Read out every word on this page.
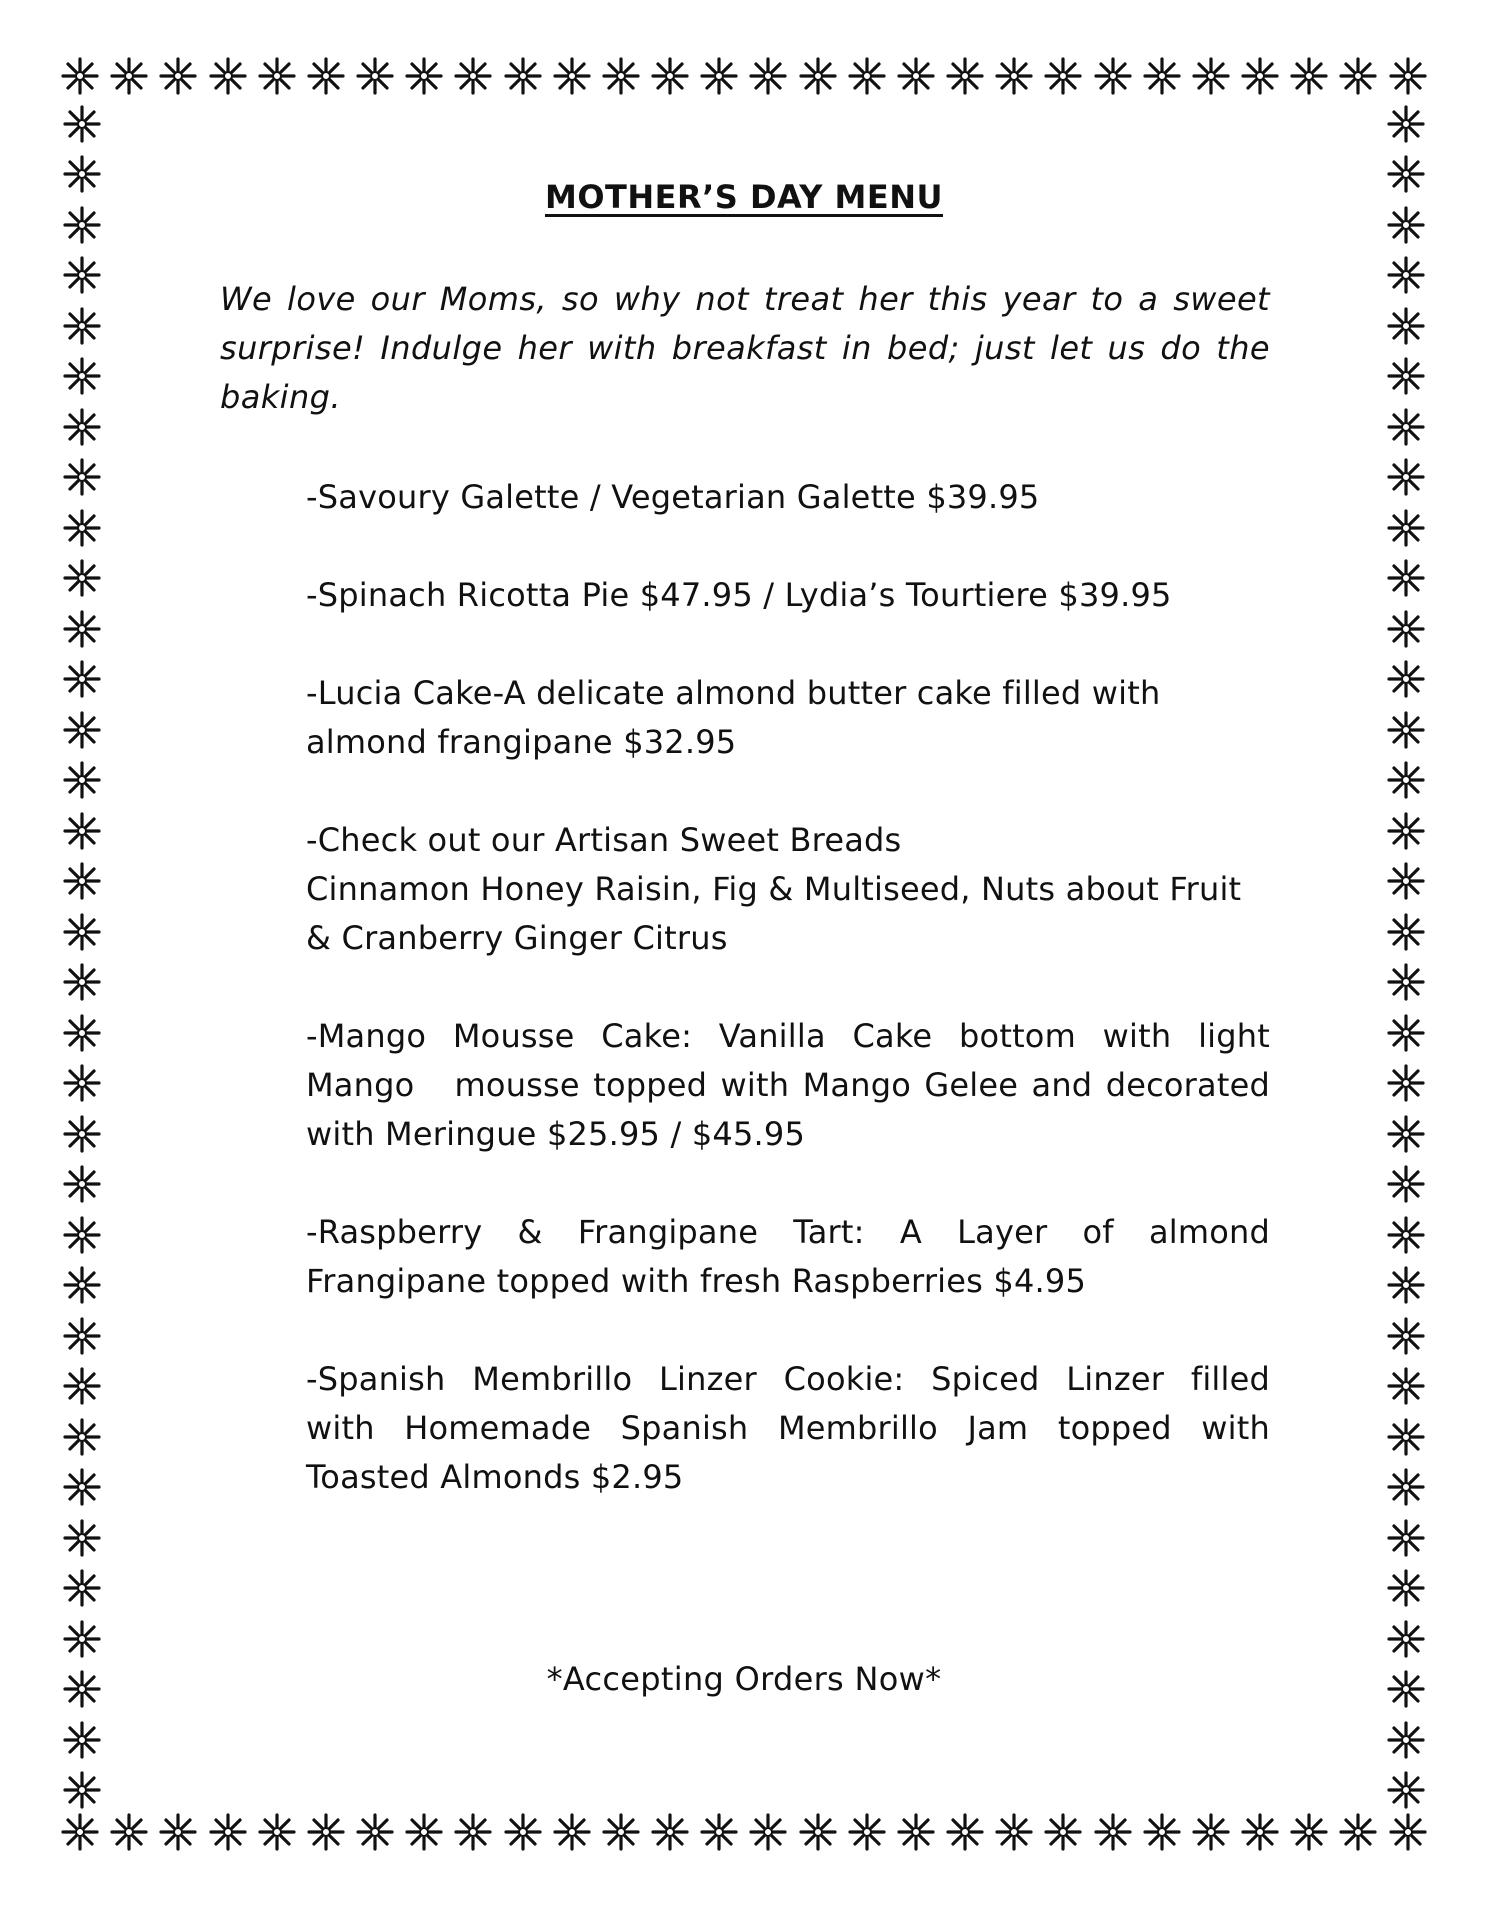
MOTHER’S DAY MENU

We love our Moms, so why not treat her this year to a sweet surprise! Indulge her with breakfast in bed; just let us do the baking.

-Savoury Galette / Vegetarian Galette $39.95
-Spinach Ricotta Pie $47.95 / Lydia’s Tourtiere $39.95
-Lucia Cake-A delicate almond butter cake filled with
almond frangipane $32.95
-Check out our Artisan Sweet Breads
Cinnamon Honey Raisin, Fig & Multiseed, Nuts about Fruit
& Cranberry Ginger Citrus
-Mango Mousse Cake: Vanilla Cake bottom with light
Mango   mousse topped with Mango Gelee and decorated
with Meringue $25.95 / $45.95
-Raspberry & Frangipane Tart: A Layer of almond
Frangipane topped with fresh Raspberries $4.95
-Spanish Membrillo Linzer Cookie: Spiced Linzer filled
with Homemade Spanish Membrillo Jam topped with
Toasted Almonds $2.95

*Accepting Orders Now*
